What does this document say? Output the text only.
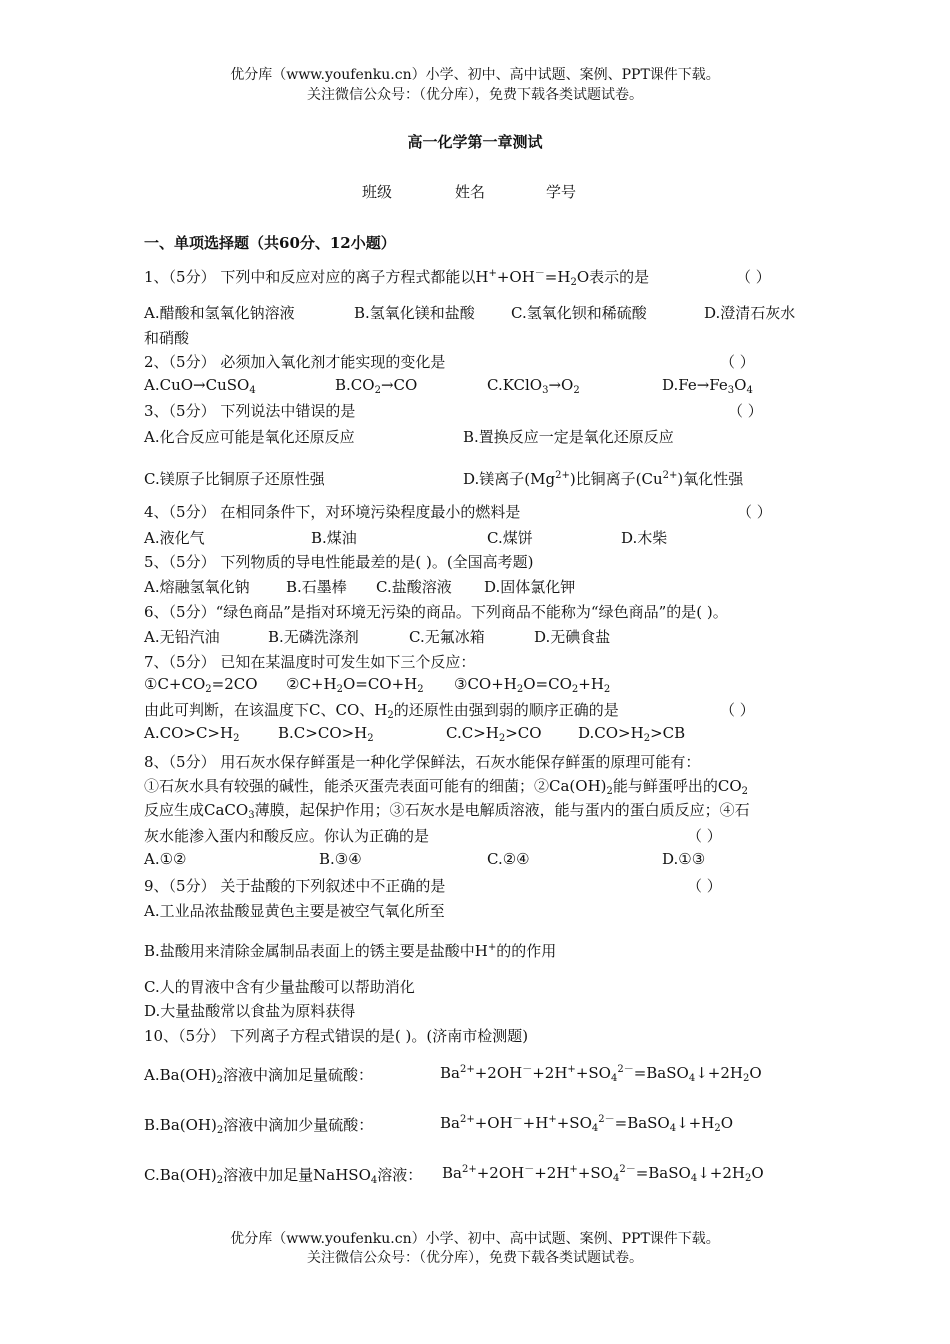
优分库（www.youfenku.cn）小学、初中、高中试题、案例、PPT课件下载。
关注微信公众号：（优分库），免费下载各类试题试卷。
高一化学第一章测试
班级	姓名	学号
一、单项选择题（共60分、12小题）
1、（5分） 下列中和反应对应的离子方程式都能以$H^++OH^-=H_2O$表示的是	（ ）
A.醋酸和氢氧化钠溶液	B.氢氧化镁和盐酸 C.氢氧化钡和稀硫酸	D.澄清石灰水
和硝酸
2、（5分） 必须加入氧化剂才能实现的变化是	（ ）
A.CuO→CuSO$_4$	$B.CO_2\to CO$	$C.KClO_3\to O_2$	$D.Fe\to Fe_3O_4$
3、（5分） 下列说法中错误的是	（ ）
A.化合反应可能是氧化还原反应	B.置换反应一定是氧化还原反应
C.镁原子比铜原子还原性强	D.镁离子$(Mg^{2+})$比铜离子$(Cu^{2+})$氧化性强
4、（5分） 在相同条件下，对环境污染程度最小的燃料是	（ ）
A.液化气	B.煤油	C.煤饼	D.木柴
5、（5分） 下列物质的导电性能最差的是( )。(全国高考题)
A.熔融氢氧化钠 B.石墨棒 C.盐酸溶液 D.固体氯化钾
6、（5分）“绿色商品”是指对环境无污染的商品。下列商品不能称为“绿色商品”的是( )。
A.无铅汽油	B.无磷洗涤剂	C.无氟冰箱	D.无碘食盐
7、（5分） 已知在某温度时可发生如下三个反应：
$①C+CO_2=2CO$ $②C+H_2O=CO+H_2$ $③CO+H_2O=CO_2+H_2$
由此可判断，在该温度下C、CO、$H_2$的还原性由强到弱的顺序正确的是	（ ）
$A.CO>C>H_2$	$B.C>CO>H_2$	$C.C>H_2>CO$ $D.CO>H_2>CB$
8、（5分） 用石灰水保存鲜蛋是一种化学保鲜法，石灰水能保存鲜蛋的原理可能有：
①石灰水具有较强的碱性，能杀灭蛋壳表面可能有的细菌；$②Ca(OH)_2$能与鲜蛋呼出的$CO_2$
反应生成CaCO$_3$薄膜，起保护作用；③石灰水是电解质溶液，能与蛋内的蛋白质反应；④石
灰水能渗入蛋内和酸反应。你认为正确的是	（ ）
A.①②	B.③④	C.②④	D.①③
9、（5分） 关于盐酸的下列叙述中不正确的是	（ ）
A.工业品浓盐酸显黄色主要是被空气氧化所至
B.盐酸用来清除金属制品表面上的锈主要是盐酸中H+的的作用
C.人的胃液中含有少量盐酸可以帮助消化
D.大量盐酸常以食盐为原料获得
10、（5分） 下列离子方程式错误的是( )。(济南市检测题)
$A.Ba(OH)_2$溶液中滴加足量硫酸：	$Ba^{2+}+2OH^-+2H^++SO_4^{2-}=BaSO_4↓+2H_2O$
$B.Ba(OH)_2$溶液中滴加少量硫酸：	$Ba^{2+}+OH^-+H^++SO_4^{2-}=BaSO_4↓+H_2O$
$C.Ba(OH)_2$溶液中加足量NaHSO$_4$溶液： $Ba^{2+}+2OH^-+2H^++SO_4^{2-}=BaSO_4↓+2H_2O$
优分库（www.youfenku.cn）小学、初中、高中试题、案例、PPT课件下载。
关注微信公众号：（优分库），免费下载各类试题试卷。
